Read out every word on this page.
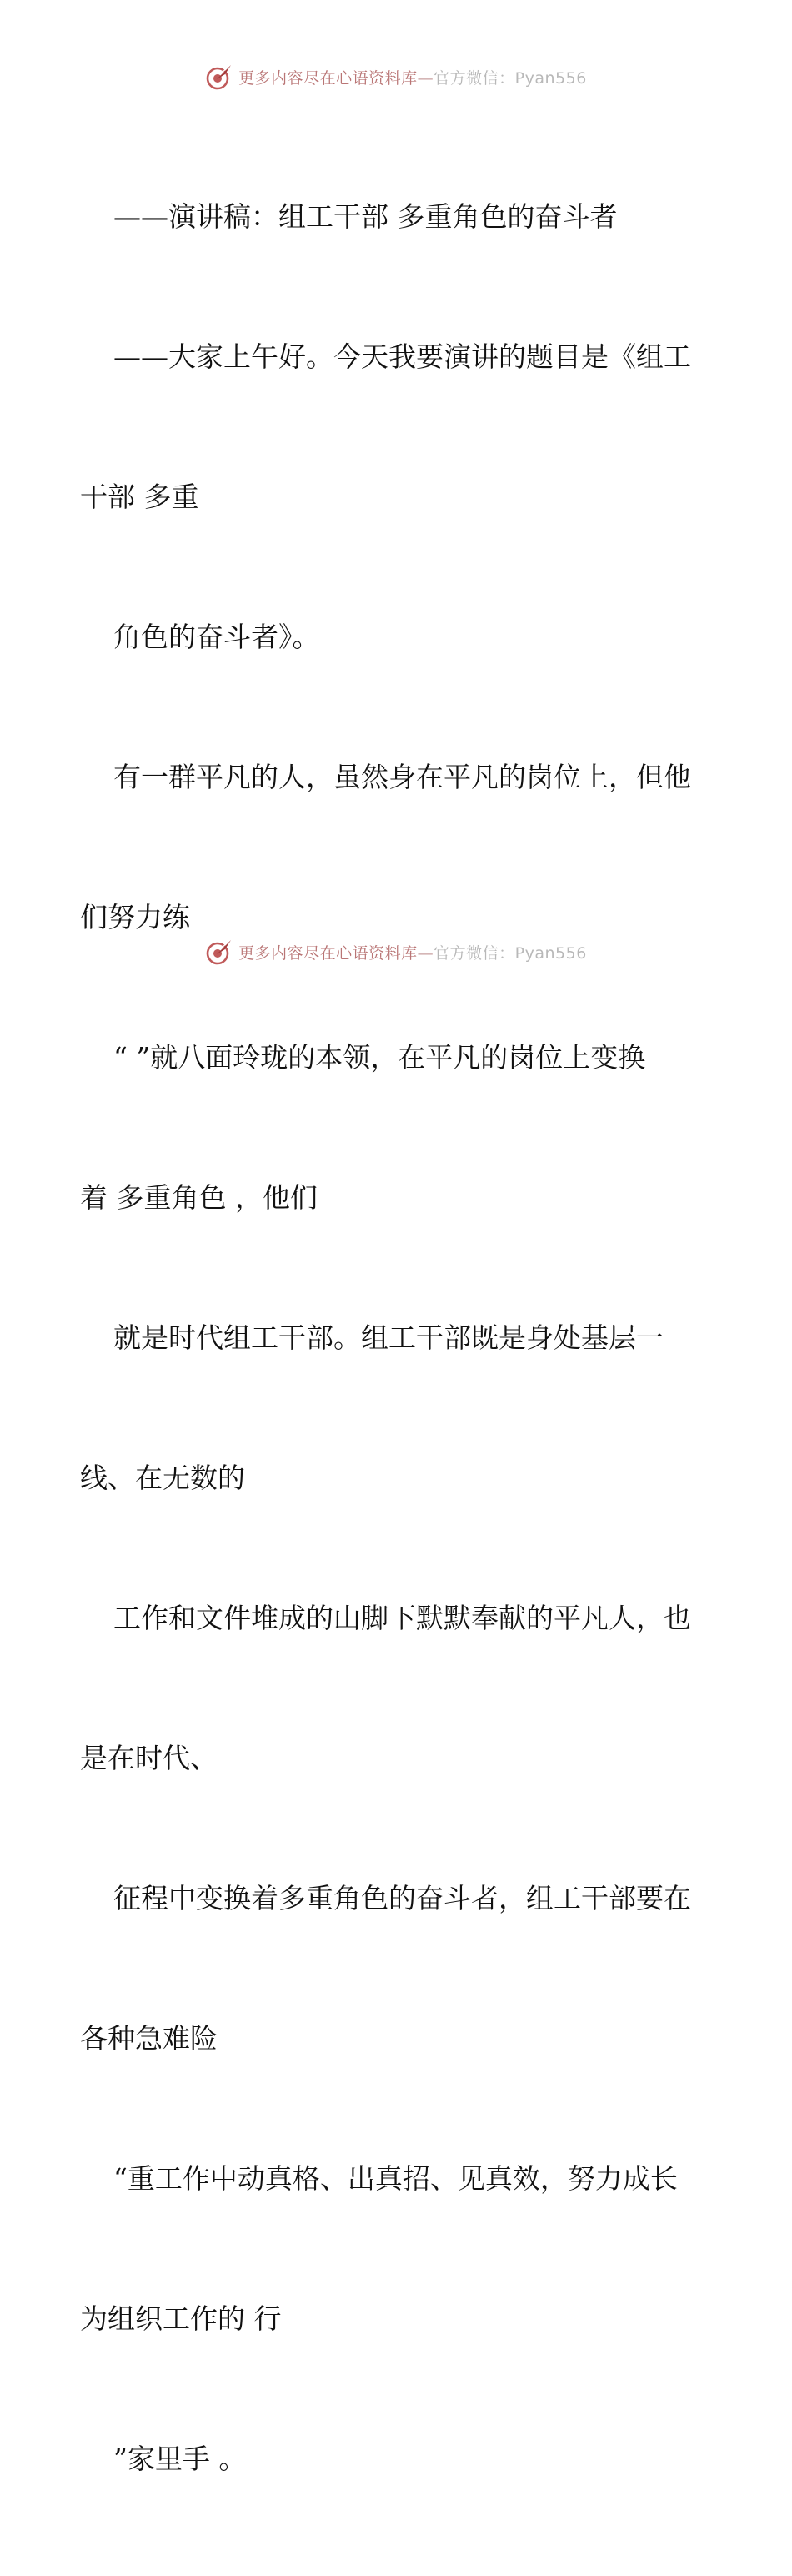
更多内容尽在心语资料库—官方微信：Pyan556

——演讲稿：组工干部 多重角色的奋斗者

——大家上午好。今天我要演讲的题目是《组工

干部 多重

角色的奋斗者》。

有一群平凡的人，虽然身在平凡的岗位上，但他

们努力练

“ ”就八面玲珑的本领，在平凡的岗位上变换

着 多重角色 ，他们

就是时代组工干部。组工干部既是身处基层一

线、在无数的

工作和文件堆成的山脚下默默奉献的平凡人，也

是在时代、

征程中变换着多重角色的奋斗者，组工干部要在

各种急难险

“重工作中动真格、出真招、见真效，努力成长

为组织工作的 行

”家里手 。

更多内容尽在心语资料库—官方微信：Pyan556
